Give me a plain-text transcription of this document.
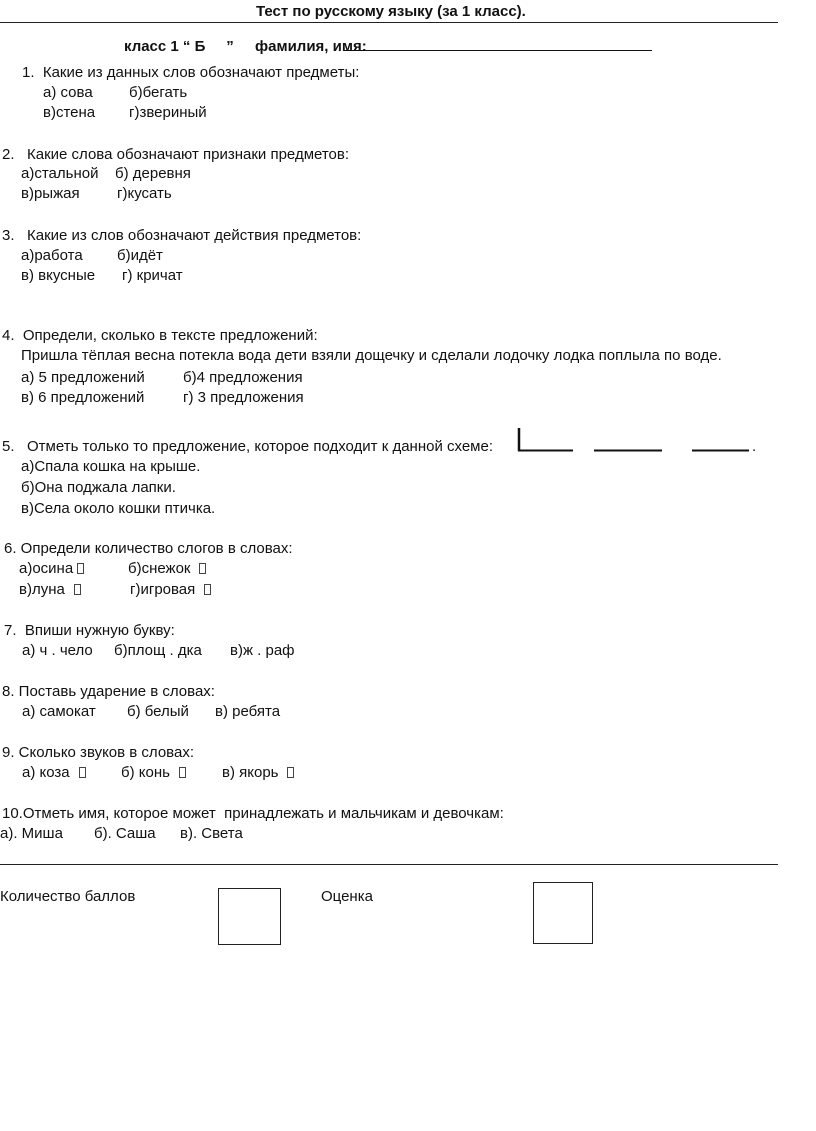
Тест по русскому языку (за 1 класс).
класс 1 “ Б     ” фамилия, имя:
1.  Какие из данных слов обозначают предметы:
а) сова б)бегать
в)стена г)звериный
2.   Какие слова обозначают признаки предметов:
а)стальной б) деревня
в)рыжая г)кусать
3.   Какие из слов обозначают действия предметов:
а)работа б)идёт
в) вкусные г) кричат
4.  Определи, сколько в тексте предложений:
Пришла тёплая весна потекла вода дети взяли дощечку и сделали лодочку лодка поплыла по воде.
а) 5 предложений	б)4 предложения
в) 6 предложений	г) 3 предложения
5.   Отметь только то предложение, которое подходит к данной схеме:	.
а)Спала кошка на крыше.
б)Она поджала лапки.
в)Села около кошки птичка.
6. Определи количество слогов в словах:
а)осина	б)снежок
в)луна	г)игровая
7.  Впиши нужную букву:
а) ч . чело б)площ . дка в)ж . раф
8. Поставь ударение в словах:
а) самокат б) белый в) ребята
9. Сколько звуков в словах:
а) коза	б) конь	в) якорь
10.Отметь имя, которое может  принадлежать и мальчикам и девочкам:
а). Миша б). Саша в). Света
Количество баллов	Оценка
